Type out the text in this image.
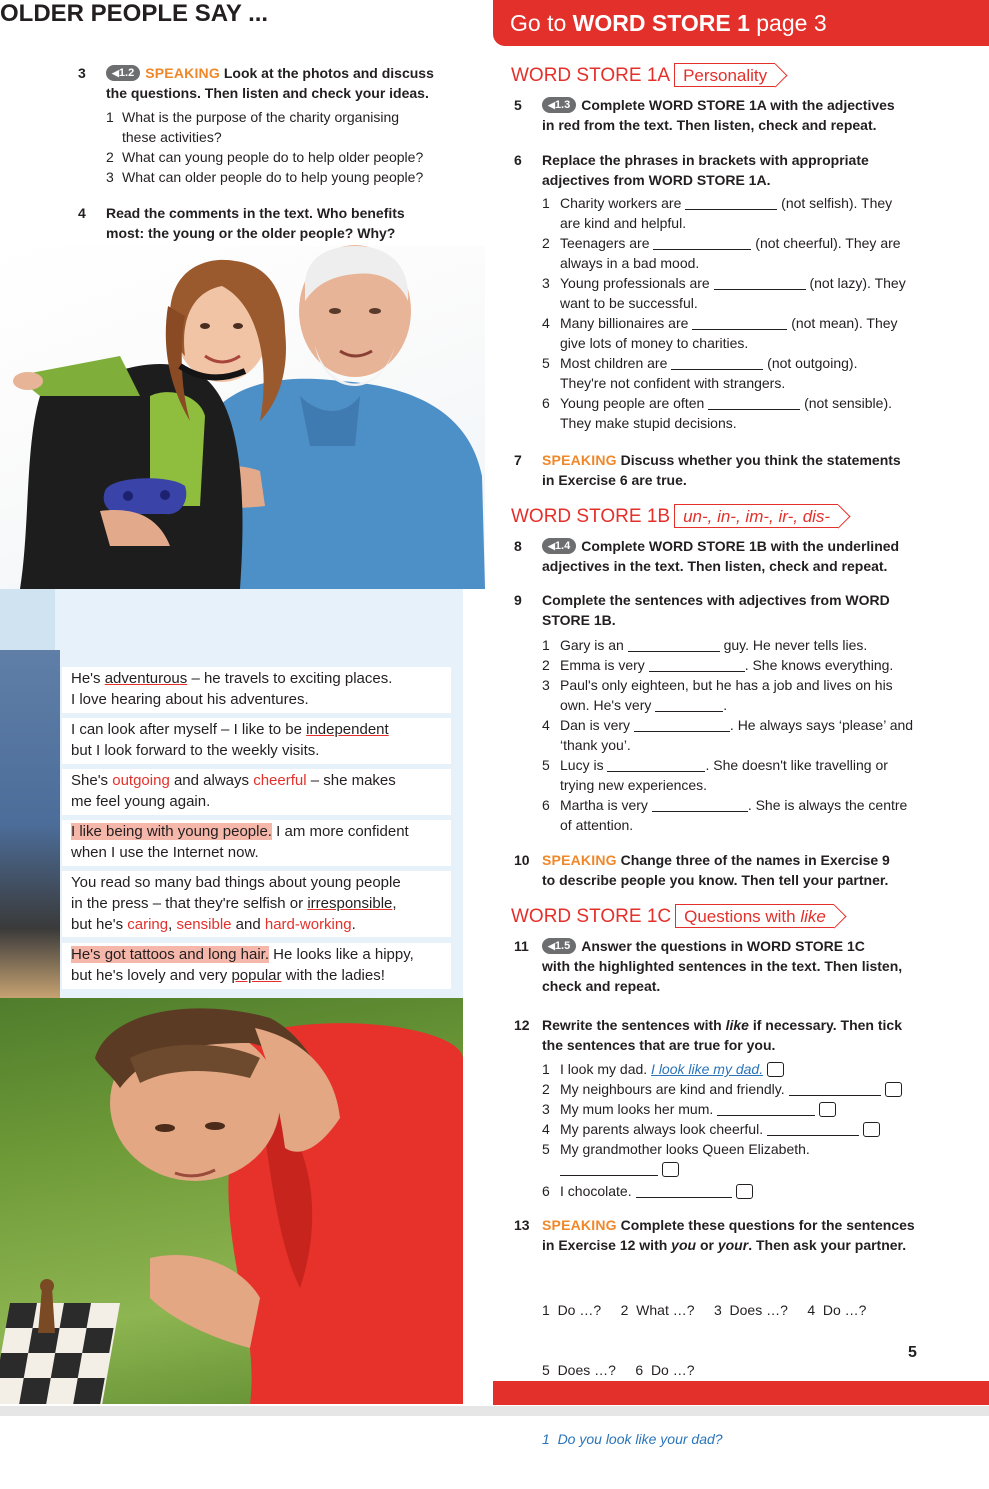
Go to WORD STORE 1 page 3
3	◀︎ 1.2 SPEAKING Look at the photos and discuss
the questions. Then listen and check your ideas.
1 What is the purpose of the charity organising
these activities?
2 What can young people do to help older people?
3 What can older people do to help young people?
4	Read the comments in the text. Who benefits
most: the young or the older people? Why?
OLDER PEOPLE SAY ...
He's adventurous – he travels to exciting places.
I love hearing about his adventures.
I can look after myself – I like to be independent
but I look forward to the weekly visits.
She's outgoing and always cheerful – she makes
me feel young again.
I like being with young people. I am more confident
when I use the Internet now.
You read so many bad things about young people
in the press – that they're selfish or irresponsible,
but he's caring, sensible and hard-working.
He's got tattoos and long hair. He looks like a hippy,
but he's lovely and very popular with the ladies!
WORD STORE 1A Personality
5	◀︎ 1.3 Complete WORD STORE 1A with the adjectives
in red from the text. Then listen, check and repeat.
6	Replace the phrases in brackets with appropriate
adjectives from WORD STORE 1A.
1 Charity workers are	(not selfish). They
are kind and helpful.
2 Teenagers are	(not cheerful). They are
always in a bad mood.
3 Young professionals are	(not lazy). They
want to be successful.
4 Many billionaires are	(not mean). They
give lots of money to charities.
5 Most children are	(not outgoing).
They're not confident with strangers.
6 Young people are often	(not sensible).
They make stupid decisions.
7	SPEAKING Discuss whether you think the statements
in Exercise 6 are true.
WORD STORE 1B un-, in-, im-, ir-, dis-
8	◀︎ 1.4 Complete WORD STORE 1B with the underlined
adjectives in the text. Then listen, check and repeat.
9	Complete the sentences with adjectives from WORD
STORE 1B.
1 Gary is an	guy. He never tells lies.
2 Emma is very	. She knows everything.
3 Paul's only eighteen, but he has a job and lives on his
own. He's very	.
4 Dan is very	. He always says ‘please’ and
‘thank you’.
5 Lucy is	. She doesn't like travelling or
trying new experiences.
6 Martha is very	. She is always the centre
of attention.
10 SPEAKING Change three of the names in Exercise 9
to describe people you know. Then tell your partner.
WORD STORE 1C Questions with like
11	◀︎ 1.5 Answer the questions in WORD STORE 1C
with the highlighted sentences in the text. Then listen,
check and repeat.
12 Rewrite the sentences with like if necessary. Then tick
the sentences that are true for you.
1 I look my dad. I look like my dad.
2 My neighbours are kind and friendly.
3 My mum looks her mum.
4 My parents always look cheerful.
5 My grandmother looks Queen Elizabeth.
6 I chocolate.
13 SPEAKING Complete these questions for the sentences
in Exercise 12 with you or your. Then ask your partner.

1  Do …?     2  What …?     3  Does …?     4  Do …?

5  Does …?     6  Do …?

1  Do you look like your dad?

5
